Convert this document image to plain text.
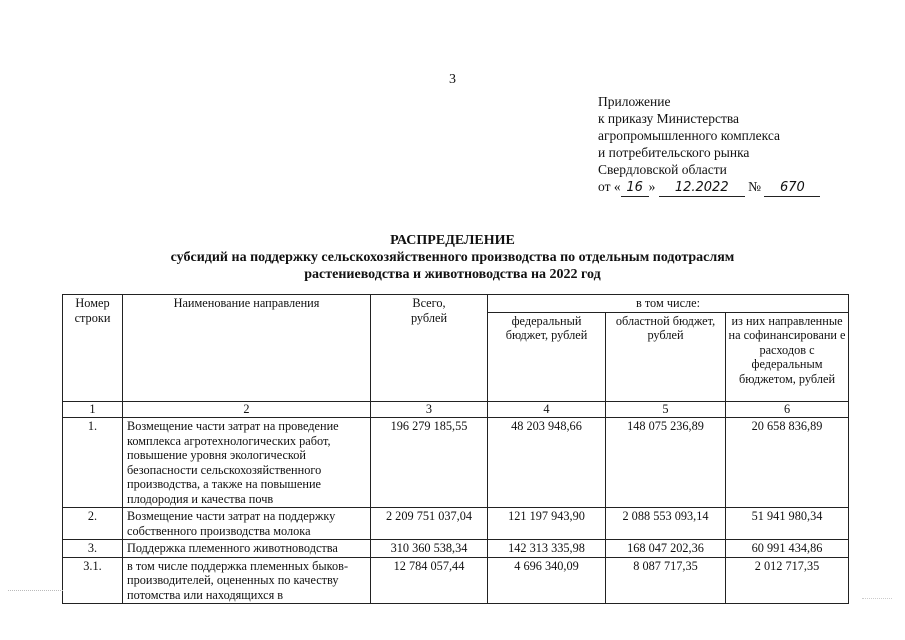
3
Приложение
к приказу Министерства
агропромышленного комплекса
и потребительского рынка
Свердловской области
от « 16 » 12.2022 № 670
РАСПРЕДЕЛЕНИЕ
субсидий на поддержку сельскохозяйственного производства по отдельным подотраслям
растениеводства и животноводства на 2022 год
Номер строки	Наименование направления	Всего, рублей	в том числе:		
			федеральный бюджет, рублей	областной бюджет, рублей	из них направленные на софинансировани е расходов с федеральным бюджетом, рублей
1	2	3	4	5	6
1.	Возмещение части затрат на проведение комплекса агротехнологических работ, повышение уровня экологической безопасности сельскохозяйственного производства, а также на повышение плодородия и качества почв	196 279 185,55	48 203 948,66	148 075 236,89	20 658 836,89
2.	Возмещение части затрат на поддержку собственного производства молока	2 209 751 037,04	121 197 943,90	2 088 553 093,14	51 941 980,34
3.	Поддержка племенного животноводства	310 360 538,34	142 313 335,98	168 047 202,36	60 991 434,86
3.1.	в том числе поддержка племенных быков-производителей, оцененных по качеству потомства или находящихся в	12 784 057,44	4 696 340,09	8 087 717,35	2 012 717,35
